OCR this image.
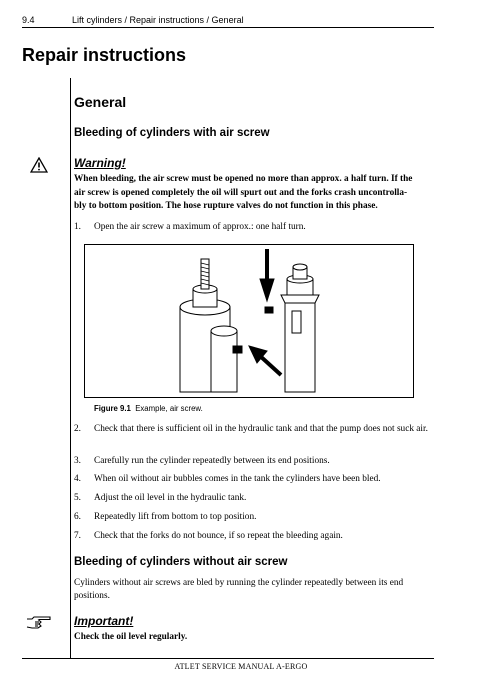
9.4	Lift cylinders / Repair instructions / General
Repair instructions
General
Bleeding of cylinders with air screw
Warning!
When bleeding, the air screw must be opened no more than approx. a half turn. If the
air screw is opened completely the oil will spurt out and the forks crash uncontrolla-
bly to bottom position. The hose rupture valves do not function in this phase.
1. Open the air screw a maximum of approx.: one half turn.
Figure 9.1 Example, air screw.
2. Check that there is sufficient oil in the hydraulic tank and that the pump does not suck air.
3. Carefully run the cylinder repeatedly between its end positions.
4. When oil without air bubbles comes in the tank the cylinders have been bled.
5. Adjust the oil level in the hydraulic tank.
6. Repeatedly lift from bottom to top position.
7. Check that the forks do not bounce, if so repeat the bleeding again.
Bleeding of cylinders without air screw
Cylinders without air screws are bled by running the cylinder repeatedly between its end positions.
Important!
Check the oil level regularly.
ATLET SERVICE MANUAL A-ERGO
